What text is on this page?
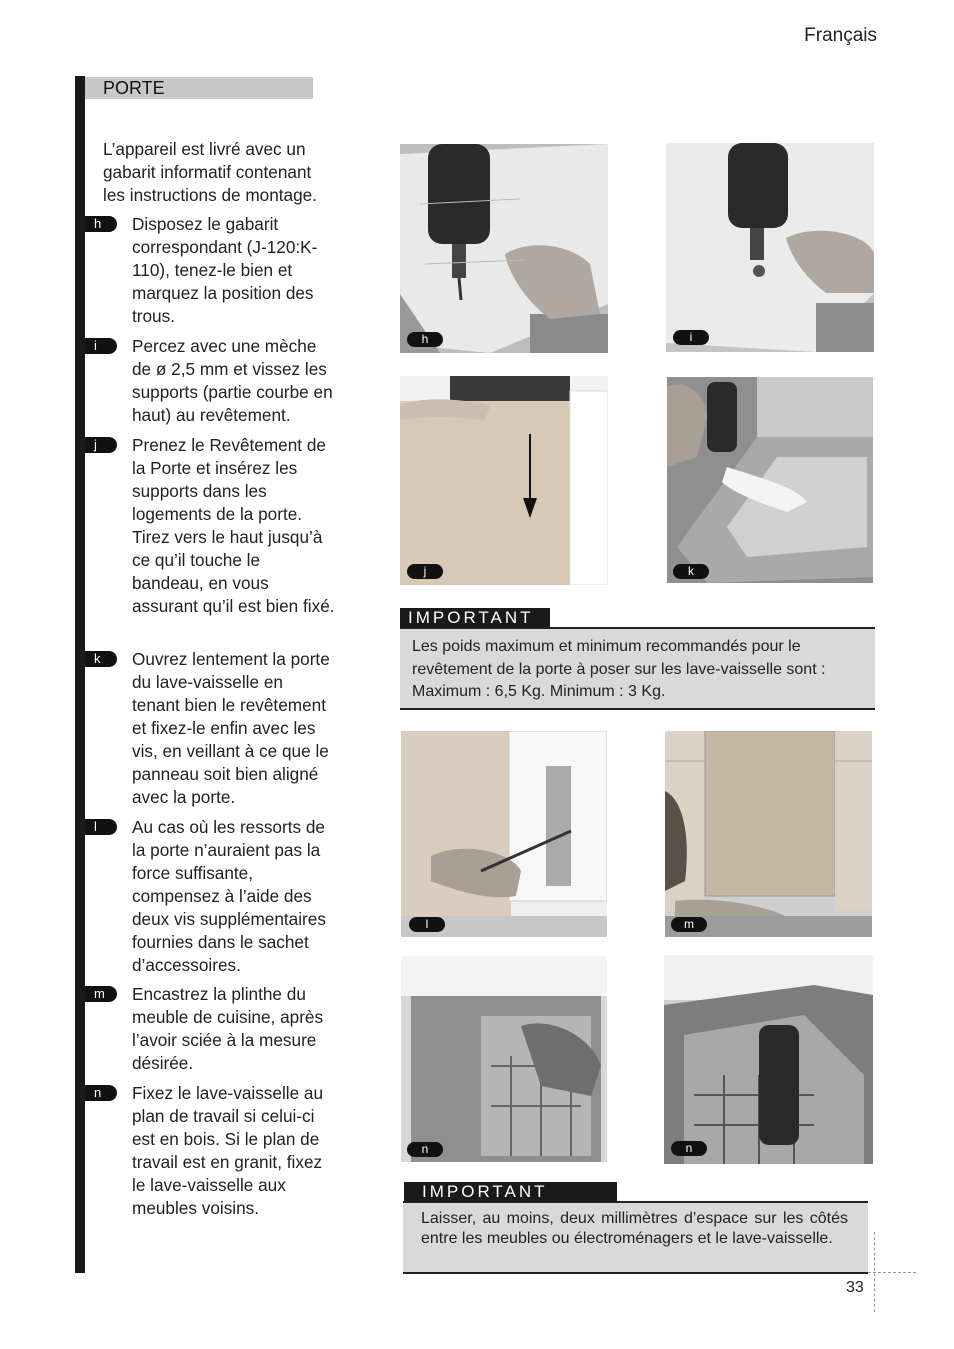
Français
PORTE
L’appareil est livré avec un gabarit informatif contenant les instructions de montage.
h	Disposez le gabarit correspondant (J-120:K-110), tenez-le bien et marquez la position des trous.
i	Percez avec une mèche de ø 2,5 mm et vissez les supports (partie courbe en haut) au revêtement.
j	Prenez le Revêtement de la Porte et insérez les supports dans les logements de la porte. Tirez vers le haut jusqu’à ce qu’il touche le bandeau, en vous assurant qu’il est bien fixé.
k	Ouvrez lentement la porte du lave-vaisselle en tenant bien le revêtement et fixez-le enfin avec les vis, en veillant à ce que le panneau soit bien aligné avec la porte.
l	Au cas où les ressorts de la porte n’auraient pas la force suffisante, compensez à l’aide des deux vis supplémentaires fournies dans le sachet d’accessoires.
m	Encastrez la plinthe du meuble de cuisine, après l’avoir sciée à la mesure désirée.
n	Fixez le lave-vaisselle au plan de travail si celui-ci est en bois. Si le plan de travail est en granit, fixez le lave-vaisselle aux meubles voisins.
h	i
j	k
IMPORTANT
Les poids maximum et minimum recommandés pour le revêtement de la porte à poser sur les lave-vaisselle sont : Maximum : 6,5 Kg. Minimum : 3 Kg.
l	m
n	n
IMPORTANT
Laisser, au moins, deux millimètres d’espace sur les côtés entre les meubles ou électroménagers et le lave-vaisselle.
33
